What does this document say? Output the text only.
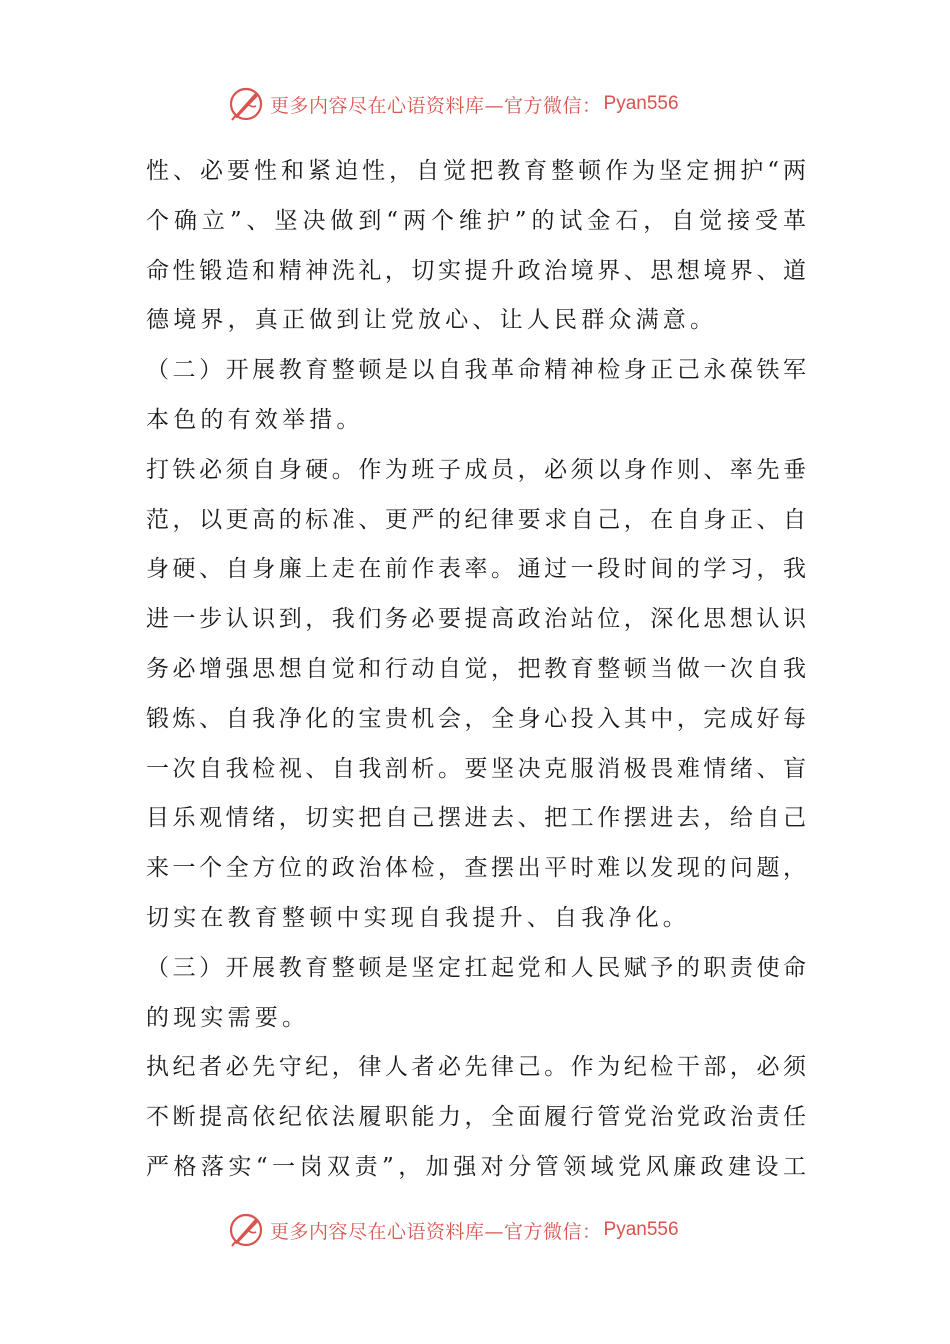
更多内容尽在心语资料库—官方微信： Pyan556
性、必要性和紧迫性，自觉把教育整顿作为坚定拥护“两
个确立”、坚决做到“两个维护”的试金石，自觉接受革
命性锻造和精神洗礼，切实提升政治境界、思想境界、道
德境界，真正做到让党放心、让人民群众满意。
（二）开展教育整顿是以自我革命精神检身正己永葆铁军
本色的有效举措。
打铁必须自身硬。作为班子成员，必须以身作则、率先垂
范，以更高的标准、更严的纪律要求自己，在自身正、自
身硬、自身廉上走在前作表率。通过一段时间的学习，我
进一步认识到，我们务必要提高政治站位，深化思想认识
务必增强思想自觉和行动自觉，把教育整顿当做一次自我
锻炼、自我净化的宝贵机会，全身心投入其中，完成好每
一次自我检视、自我剖析。要坚决克服消极畏难情绪、盲
目乐观情绪，切实把自己摆进去、把工作摆进去，给自己
来一个全方位的政治体检，查摆出平时难以发现的问题，
切实在教育整顿中实现自我提升、自我净化。
（三）开展教育整顿是坚定扛起党和人民赋予的职责使命
的现实需要。
执纪者必先守纪，律人者必先律己。作为纪检干部，必须
不断提高依纪依法履职能力，全面履行管党治党政治责任
严格落实“一岗双责”，加强对分管领域党风廉政建设工
更多内容尽在心语资料库—官方微信： Pyan556
